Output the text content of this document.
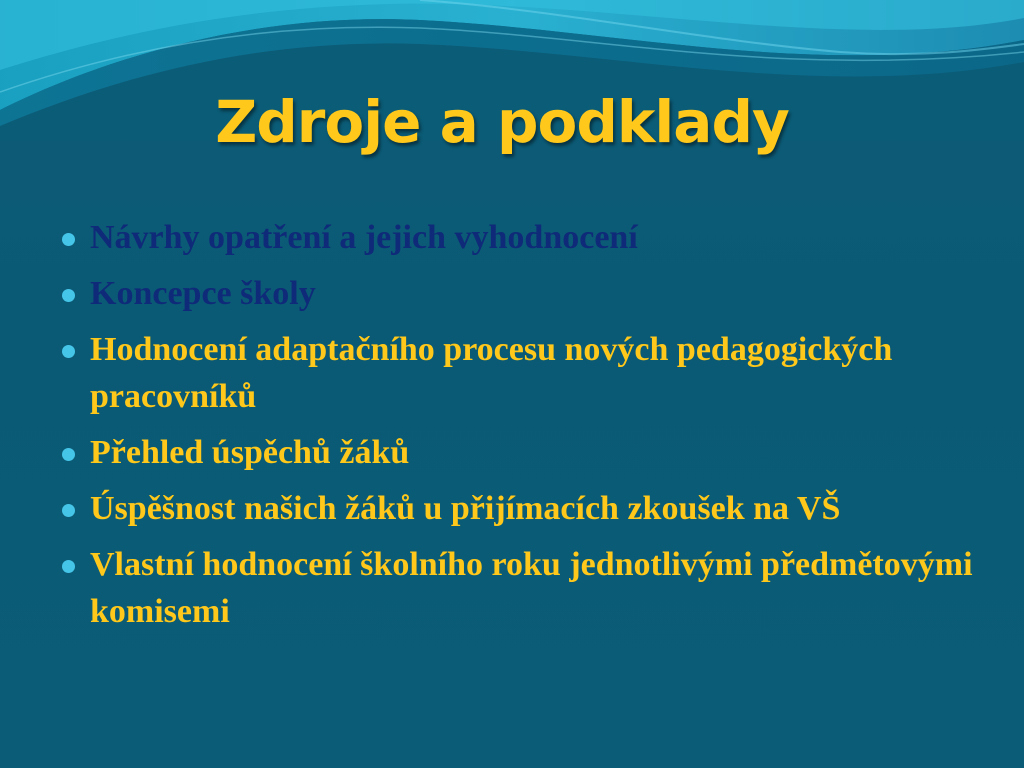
Zdroje a podklady
Návrhy opatření a jejich vyhodnocení
Koncepce školy
Hodnocení adaptačního procesu nových pedagogických pracovníků
Přehled úspěchů žáků
Úspěšnost našich žáků u přijímacích zkoušek na VŠ
Vlastní hodnocení školního roku jednotlivými předmětovými komisemi
